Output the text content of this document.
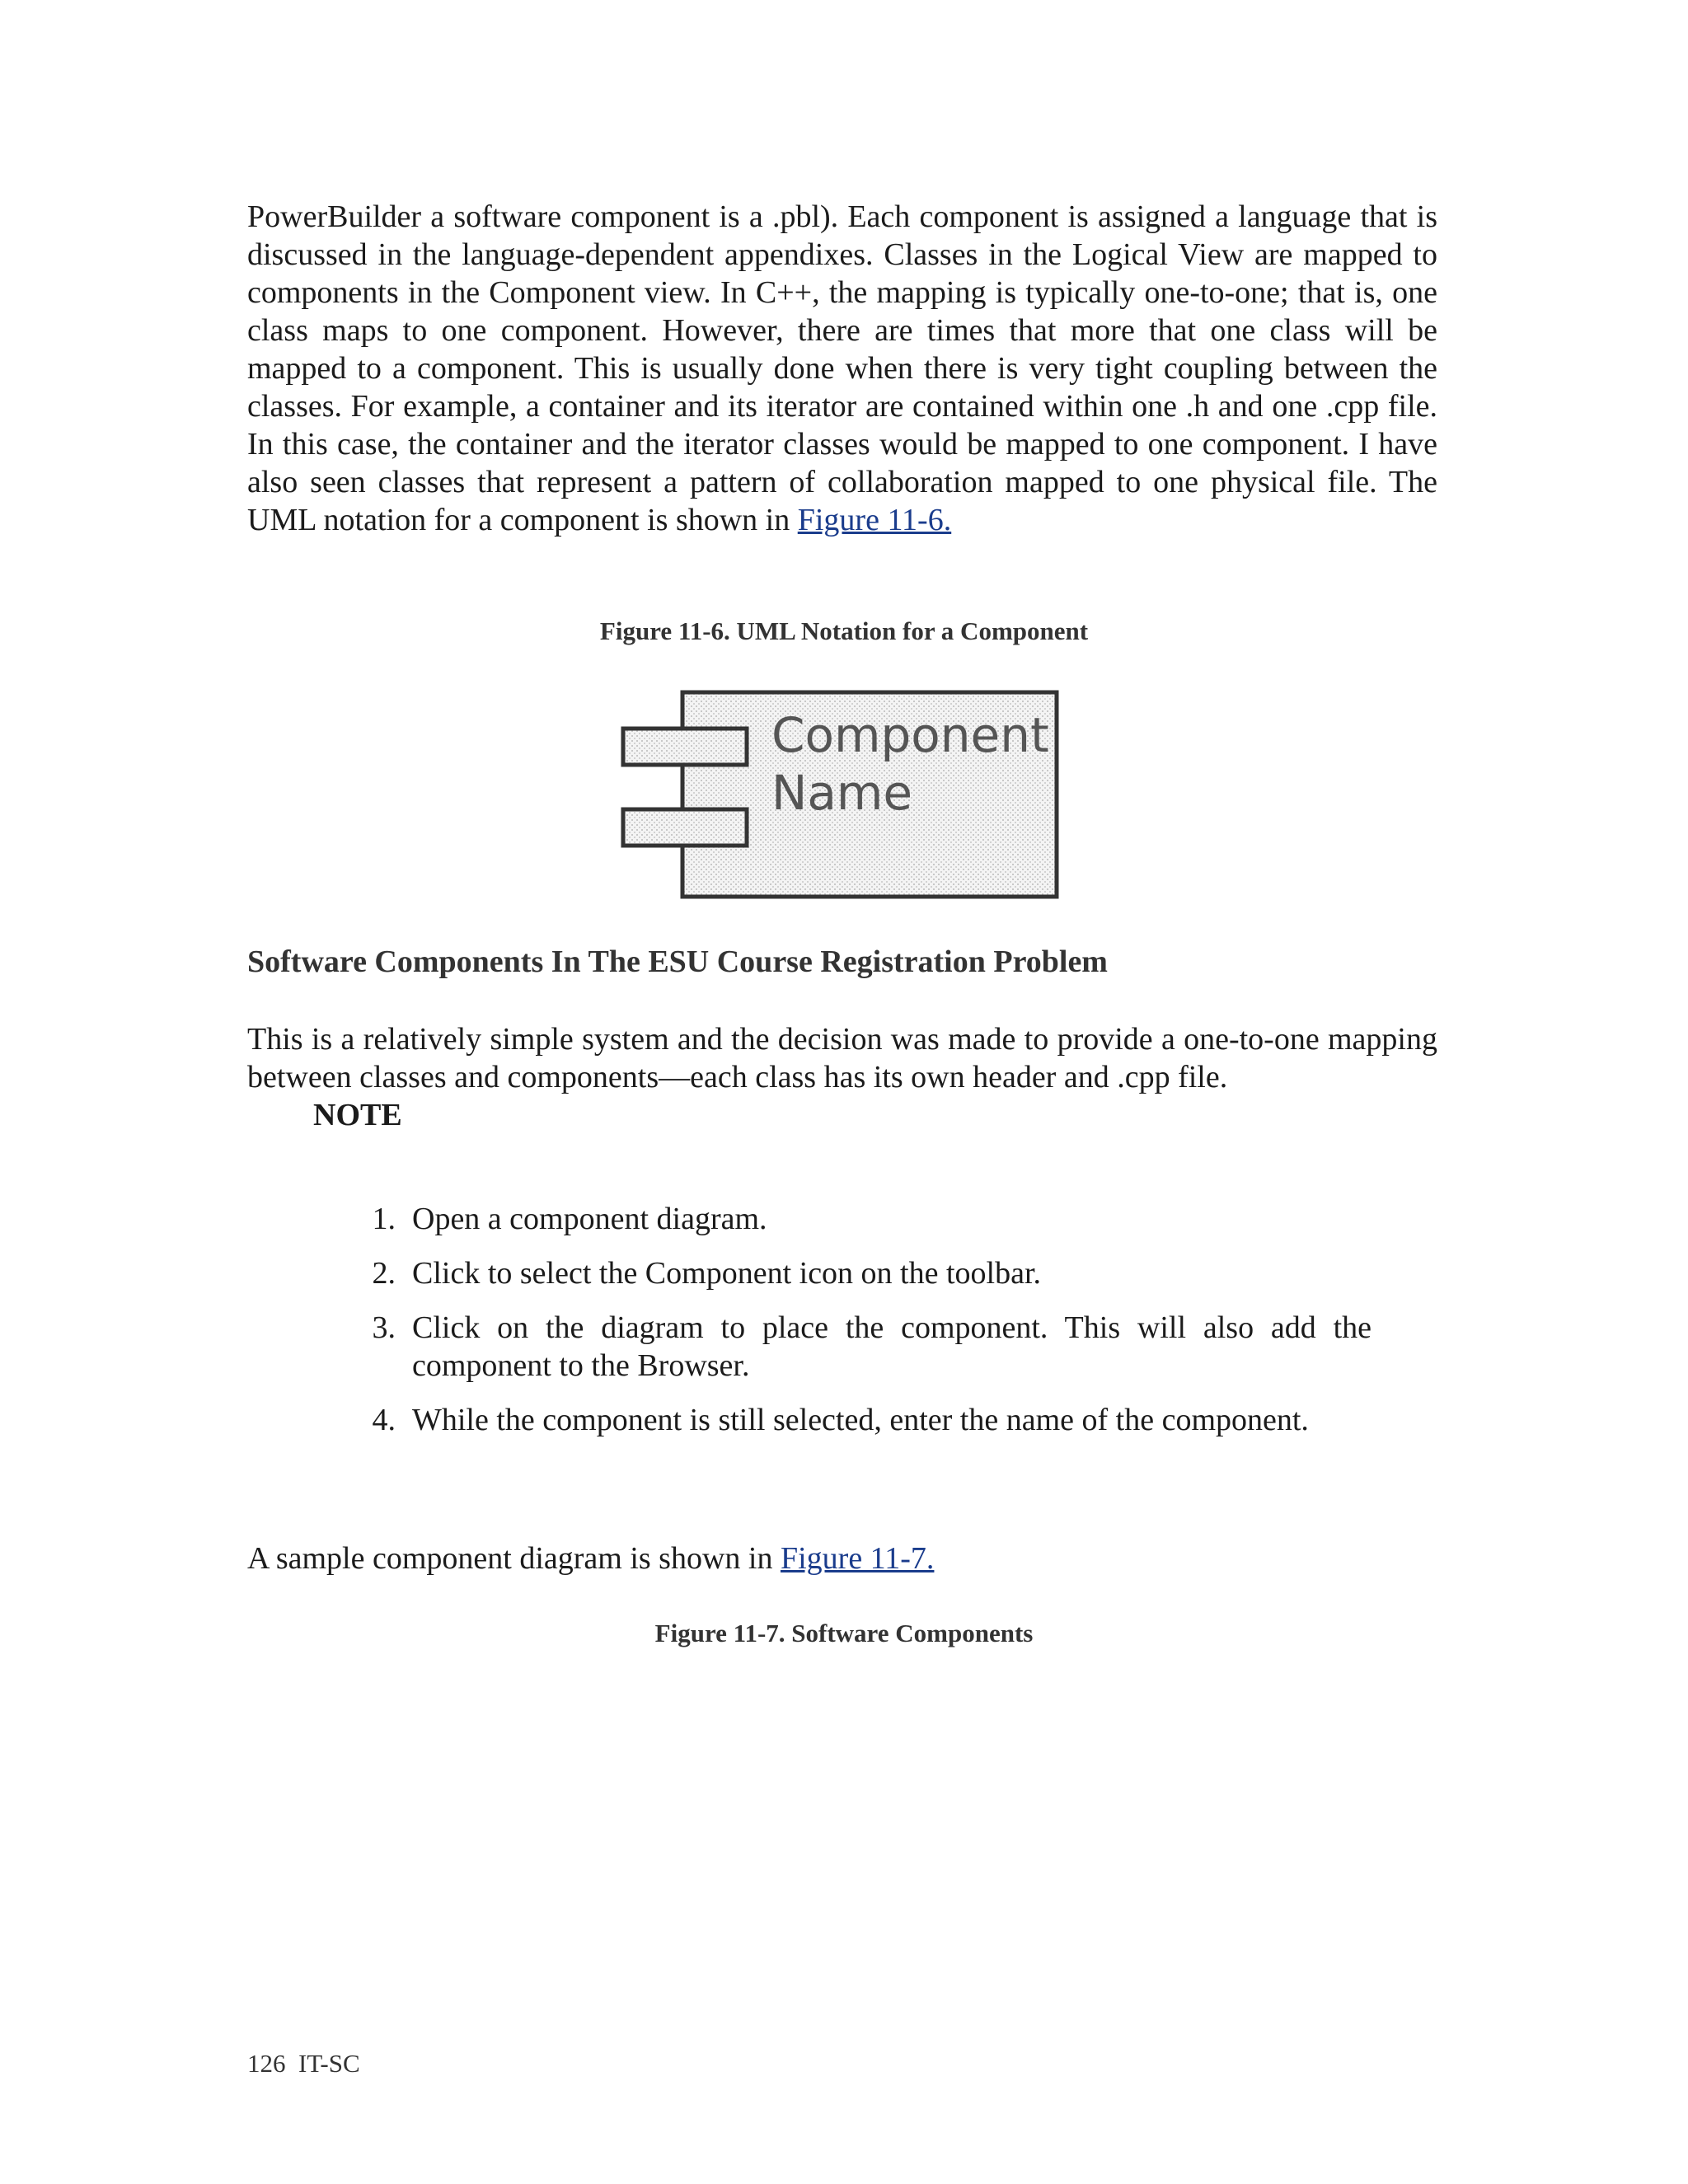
PowerBuilder a software component is a .pbl). Each component is assigned a language that is discussed in the language-dependent appendixes. Classes in the Logical View are mapped to components in the Component view. In C++, the mapping is typically one-to-one; that is, one class maps to one component. However, there are times that more that one class will be mapped to a component. This is usually done when there is very tight coupling between the classes. For example, a container and its iterator are contained within one .h and one .cpp file. In this case, the container and the iterator classes would be mapped to one component. I have also seen classes that represent a pattern of collaboration mapped to one physical file. The UML notation for a component is shown in Figure 11-6.

Figure 11-6. UML Notation for a Component

Component
Name
Software Components In The ESU Course Registration Problem

This is a relatively simple system and the decision was made to provide a one-to-one mapping between classes and components—each class has its own header and .cpp file.

NOTE

1. Open a component diagram.
2. Click to select the Component icon on the toolbar.
3. Click on the diagram to place the component. This will also add the component to the Browser.
4. While the component is still selected, enter the name of the component.

A sample component diagram is shown in Figure 11-7.

Figure 11-7. Software Components

126  IT-SC
